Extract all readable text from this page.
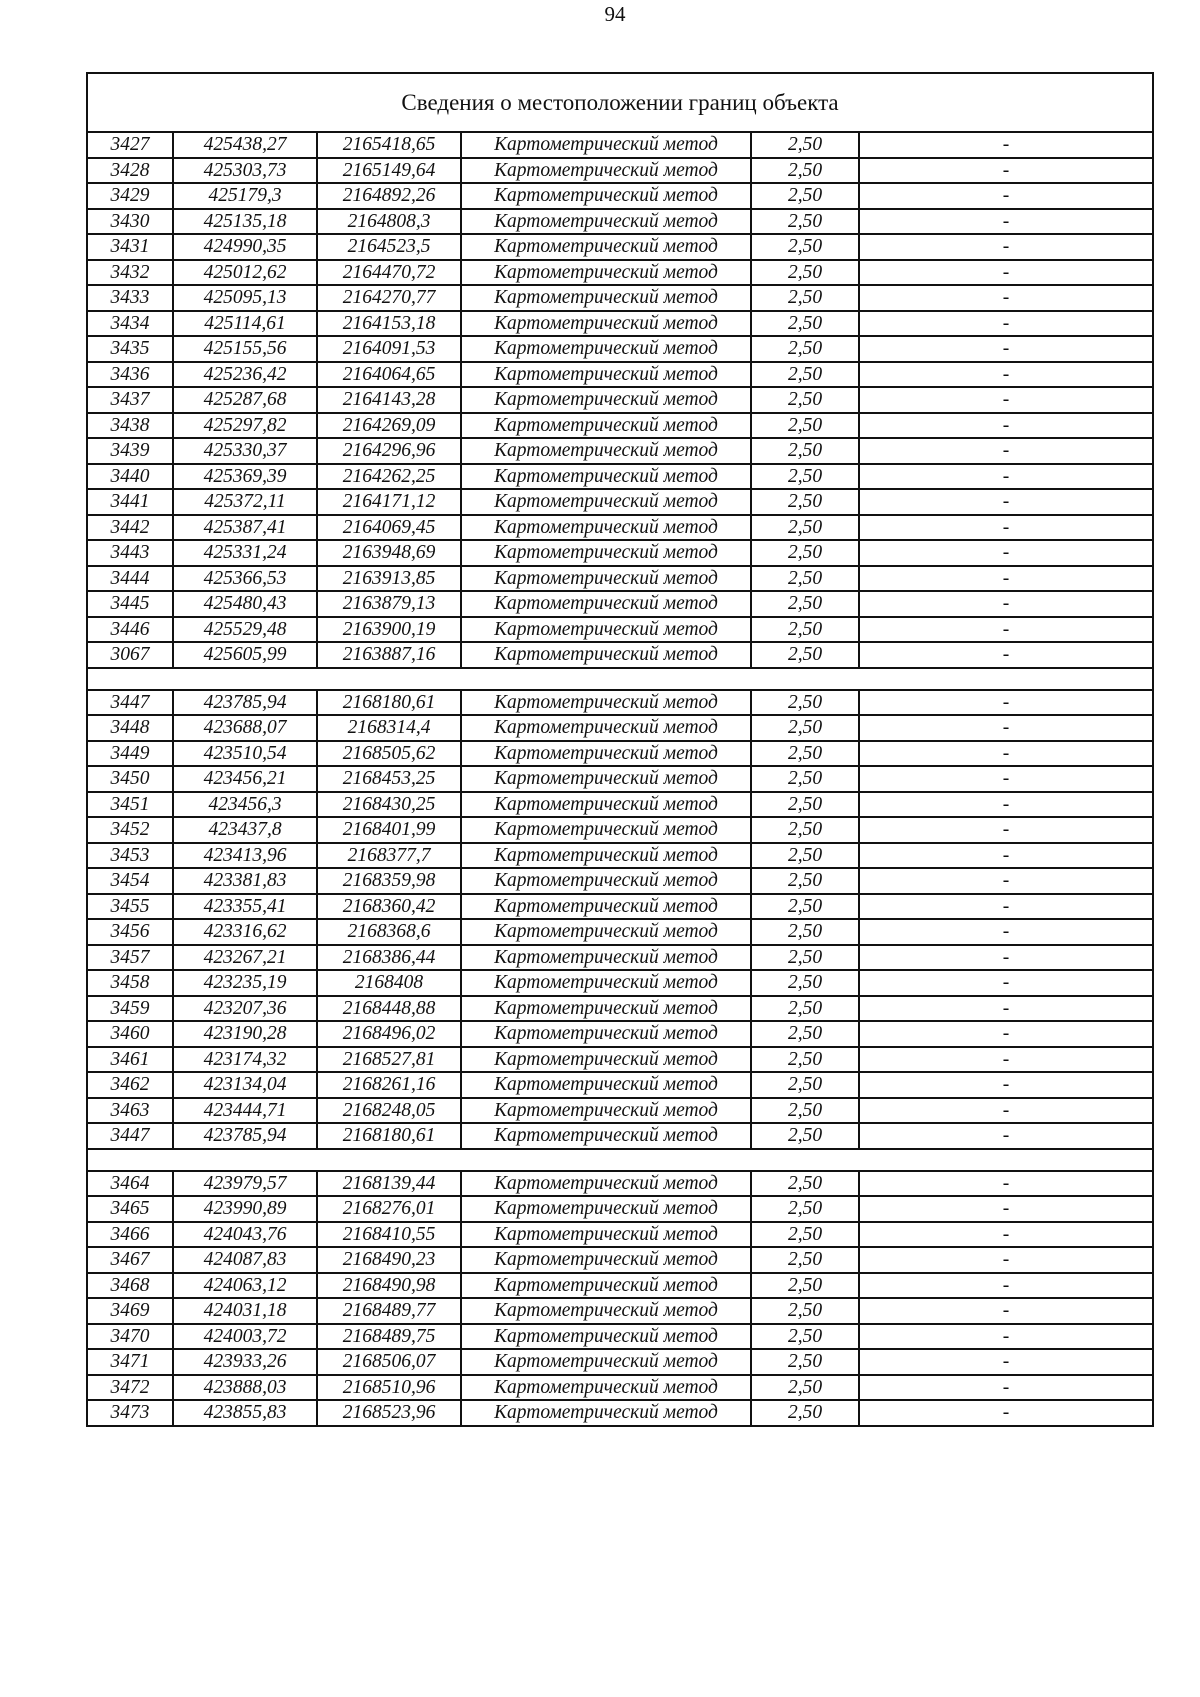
94
Сведения о местоположении границ объекта					
3427	425438,27	2165418,65	Картометрический метод	2,50	-
3428	425303,73	2165149,64	Картометрический метод	2,50	-
3429	425179,3	2164892,26	Картометрический метод	2,50	-
3430	425135,18	2164808,3	Картометрический метод	2,50	-
3431	424990,35	2164523,5	Картометрический метод	2,50	-
3432	425012,62	2164470,72	Картометрический метод	2,50	-
3433	425095,13	2164270,77	Картометрический метод	2,50	-
3434	425114,61	2164153,18	Картометрический метод	2,50	-
3435	425155,56	2164091,53	Картометрический метод	2,50	-
3436	425236,42	2164064,65	Картометрический метод	2,50	-
3437	425287,68	2164143,28	Картометрический метод	2,50	-
3438	425297,82	2164269,09	Картометрический метод	2,50	-
3439	425330,37	2164296,96	Картометрический метод	2,50	-
3440	425369,39	2164262,25	Картометрический метод	2,50	-
3441	425372,11	2164171,12	Картометрический метод	2,50	-
3442	425387,41	2164069,45	Картометрический метод	2,50	-
3443	425331,24	2163948,69	Картометрический метод	2,50	-
3444	425366,53	2163913,85	Картометрический метод	2,50	-
3445	425480,43	2163879,13	Картометрический метод	2,50	-
3446	425529,48	2163900,19	Картометрический метод	2,50	-
3067	425605,99	2163887,16	Картометрический метод	2,50	-

3447	423785,94	2168180,61	Картометрический метод	2,50	-
3448	423688,07	2168314,4	Картометрический метод	2,50	-
3449	423510,54	2168505,62	Картометрический метод	2,50	-
3450	423456,21	2168453,25	Картометрический метод	2,50	-
3451	423456,3	2168430,25	Картометрический метод	2,50	-
3452	423437,8	2168401,99	Картометрический метод	2,50	-
3453	423413,96	2168377,7	Картометрический метод	2,50	-
3454	423381,83	2168359,98	Картометрический метод	2,50	-
3455	423355,41	2168360,42	Картометрический метод	2,50	-
3456	423316,62	2168368,6	Картометрический метод	2,50	-
3457	423267,21	2168386,44	Картометрический метод	2,50	-
3458	423235,19	2168408	Картометрический метод	2,50	-
3459	423207,36	2168448,88	Картометрический метод	2,50	-
3460	423190,28	2168496,02	Картометрический метод	2,50	-
3461	423174,32	2168527,81	Картометрический метод	2,50	-
3462	423134,04	2168261,16	Картометрический метод	2,50	-
3463	423444,71	2168248,05	Картометрический метод	2,50	-
3447	423785,94	2168180,61	Картометрический метод	2,50	-

3464	423979,57	2168139,44	Картометрический метод	2,50	-
3465	423990,89	2168276,01	Картометрический метод	2,50	-
3466	424043,76	2168410,55	Картометрический метод	2,50	-
3467	424087,83	2168490,23	Картометрический метод	2,50	-
3468	424063,12	2168490,98	Картометрический метод	2,50	-
3469	424031,18	2168489,77	Картометрический метод	2,50	-
3470	424003,72	2168489,75	Картометрический метод	2,50	-
3471	423933,26	2168506,07	Картометрический метод	2,50	-
3472	423888,03	2168510,96	Картометрический метод	2,50	-
3473	423855,83	2168523,96	Картометрический метод	2,50	-
